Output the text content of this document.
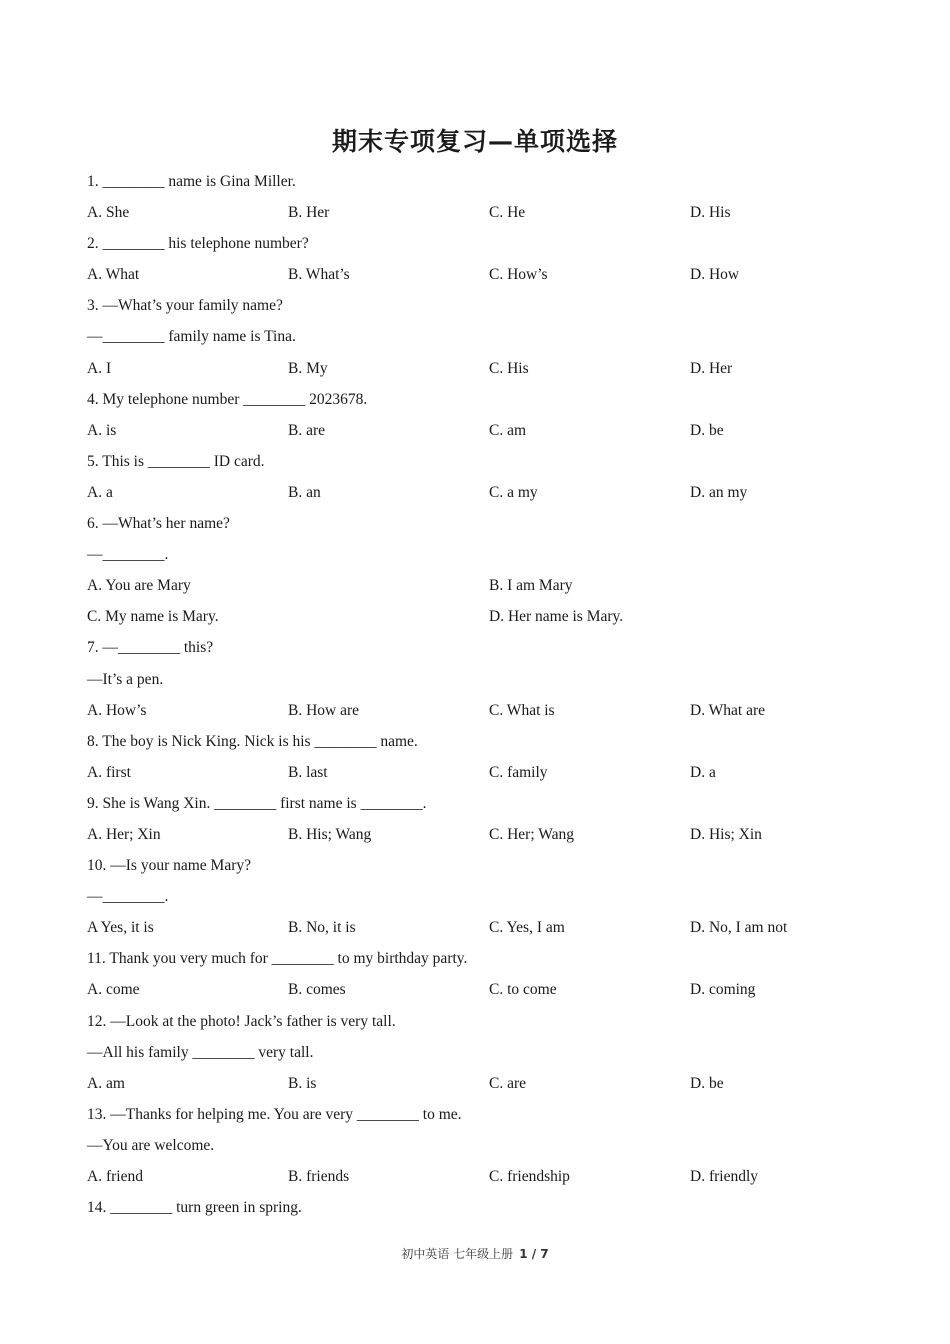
期末专项复习—单项选择
1. ________ name is Gina Miller.
A. She	B. Her	C. He	D. His
2. ________ his telephone number?
A. What	B. What’s	C. How’s	D. How
3. —What’s your family name?
—________ family name is Tina.
A. I	B. My	C. His	D. Her
4. My telephone number ________ 2023678.
A. is	B. are	C. am	D. be
5. This is ________ ID card.
A. a	B. an	C. a my	D. an my
6. —What’s her name?
—________.
A. You are Mary	B. I am Mary
C. My name is Mary.	D. Her name is Mary.
7. —________ this?
—It’s a pen.
A. How’s	B. How are	C. What is	D. What are
8. The boy is Nick King. Nick is his ________ name.
A. first	B. last	C. family	D. a
9. She is Wang Xin. ________ first name is ________.
A. Her; Xin	B. His; Wang	C. Her; Wang	D. His; Xin
10. —Is your name Mary?
—________.
A Yes, it is	B. No, it is	C. Yes, I am	D. No, I am not
11. Thank you very much for ________ to my birthday party.
A. come	B. comes	C. to come	D. coming
12. —Look at the photo! Jack’s father is very tall.
—All his family ________ very tall.
A. am	B. is	C. are	D. be
13. —Thanks for helping me. You are very ________ to me.
—You are welcome.
A. friend	B. friends	C. friendship	D. friendly
14. ________ turn green in spring.
初中英语 七年级上册 1 / 7
